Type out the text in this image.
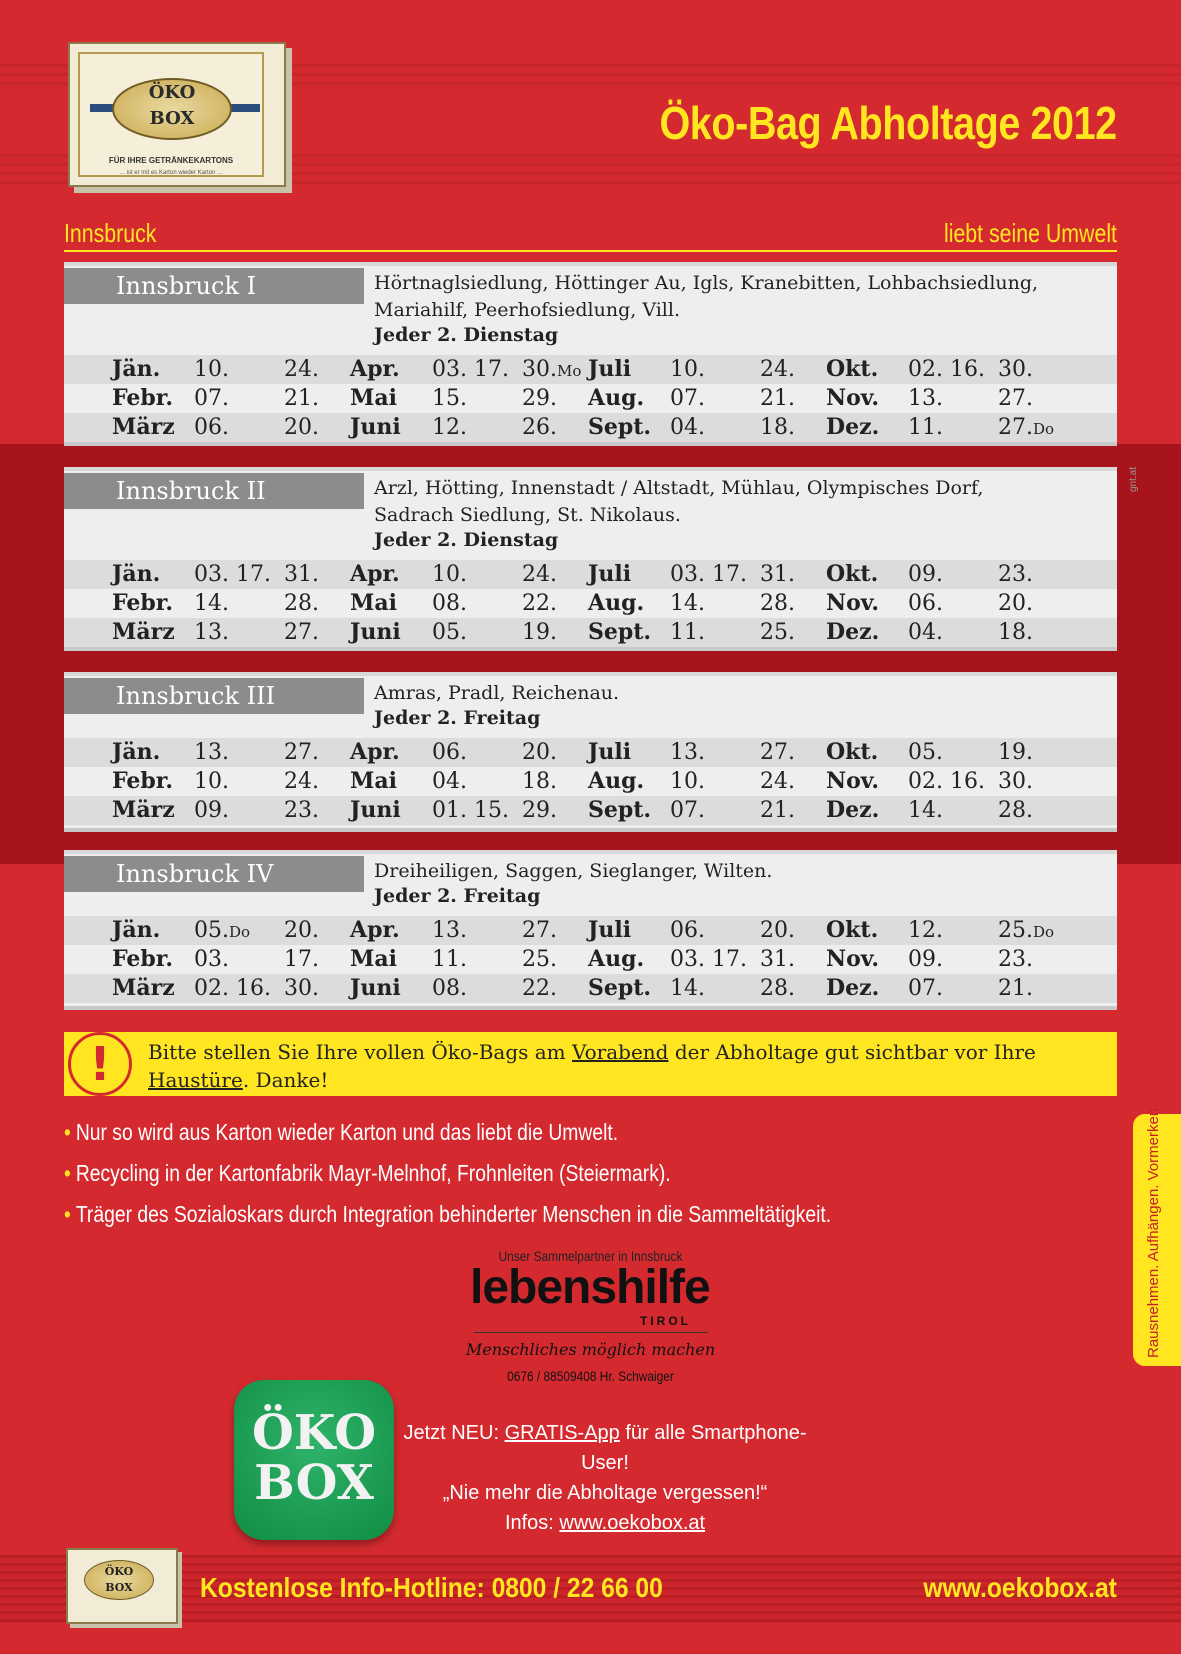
ÖKO
BOX
FÜR IHRE GETRÄNKEKARTONS
… ist er mit es Karton wieder Karton …
Öko-Bag Abholtage 2012
Innsbruck	liebt seine Umwelt
Innsbruck I	Hörtnaglsiedlung, Höttinger Au, Igls, Kranebitten, Lohbachsiedlung,
Mariahilf, Peerhofsiedlung, Vill.
Jeder 2. Dienstag
Jän. 10.	24. Apr. 03. 17. 30.Mo Juli 10.	24. Okt. 02. 16. 30.
Febr. 07.	21. Mai 15.	29. Aug. 07.	21. Nov. 13.	27.
März 06.	20. Juni 12.	26. Sept. 04.	18. Dez. 11.	27.Do
Innsbruck II	Arzl, Hötting, Innenstadt / Altstadt, Mühlau, Olympisches Dorf,
Sadrach Siedlung, St. Nikolaus.
Jeder 2. Dienstag
Jän. 03. 17. 31. Apr. 10.	24. Juli 03. 17. 31. Okt. 09.	23.
Febr. 14.	28. Mai 08.	22. Aug. 14.	28. Nov. 06.	20.
März 13.	27. Juni 05.	19. Sept. 11.	25. Dez. 04.	18.
Innsbruck III	Amras, Pradl, Reichenau.
Jeder 2. Freitag
Jän. 13.	27. Apr. 06.	20. Juli 13.	27. Okt. 05.	19.
Febr. 10.	24. Mai 04.	18. Aug. 10.	24. Nov. 02. 16. 30.
März 09.	23. Juni 01. 15. 29. Sept. 07.	21. Dez. 14.	28.
Innsbruck IV	Dreiheiligen, Saggen, Sieglanger, Wilten.
Jeder 2. Freitag
Jän. 05.Do 20. Apr. 13.	27. Juli 06.	20. Okt. 12.	25.Do
Febr. 03.	17. Mai 11.	25. Aug. 03. 17. 31. Nov. 09.	23.
März 02. 16. 30. Juni 08.	22. Sept. 14.	28. Dez. 07.	21.
!	Bitte stellen Sie Ihre vollen Öko-Bags am Vorabend der Abholtage gut sichtbar vor Ihre Haustüre. Danke!
• Nur so wird aus Karton wieder Karton und das liebt die Umwelt.
• Recycling in der Kartonfabrik Mayr-Melnhof, Frohnleiten (Steiermark).
• Träger des Sozialoskars durch Integration behinderter Menschen in die Sammeltätigkeit.
Unser Sammelpartner in Innsbruck
lebenshilfe
TIROL
Menschliches möglich machen
0676 / 88509408 Hr. Schwaiger
ÖKO
BOX
Jetzt NEU: GRATIS-App für alle Smartphone-User!
„Nie mehr die Abholtage vergessen!“
Infos: www.oekobox.at
Rausnehmen. Aufhängen. Vormerken.
gnt.at
ÖKO
BOX	Kostenlose Info-Hotline: 0800 / 22 66 00	www.oekobox.at
